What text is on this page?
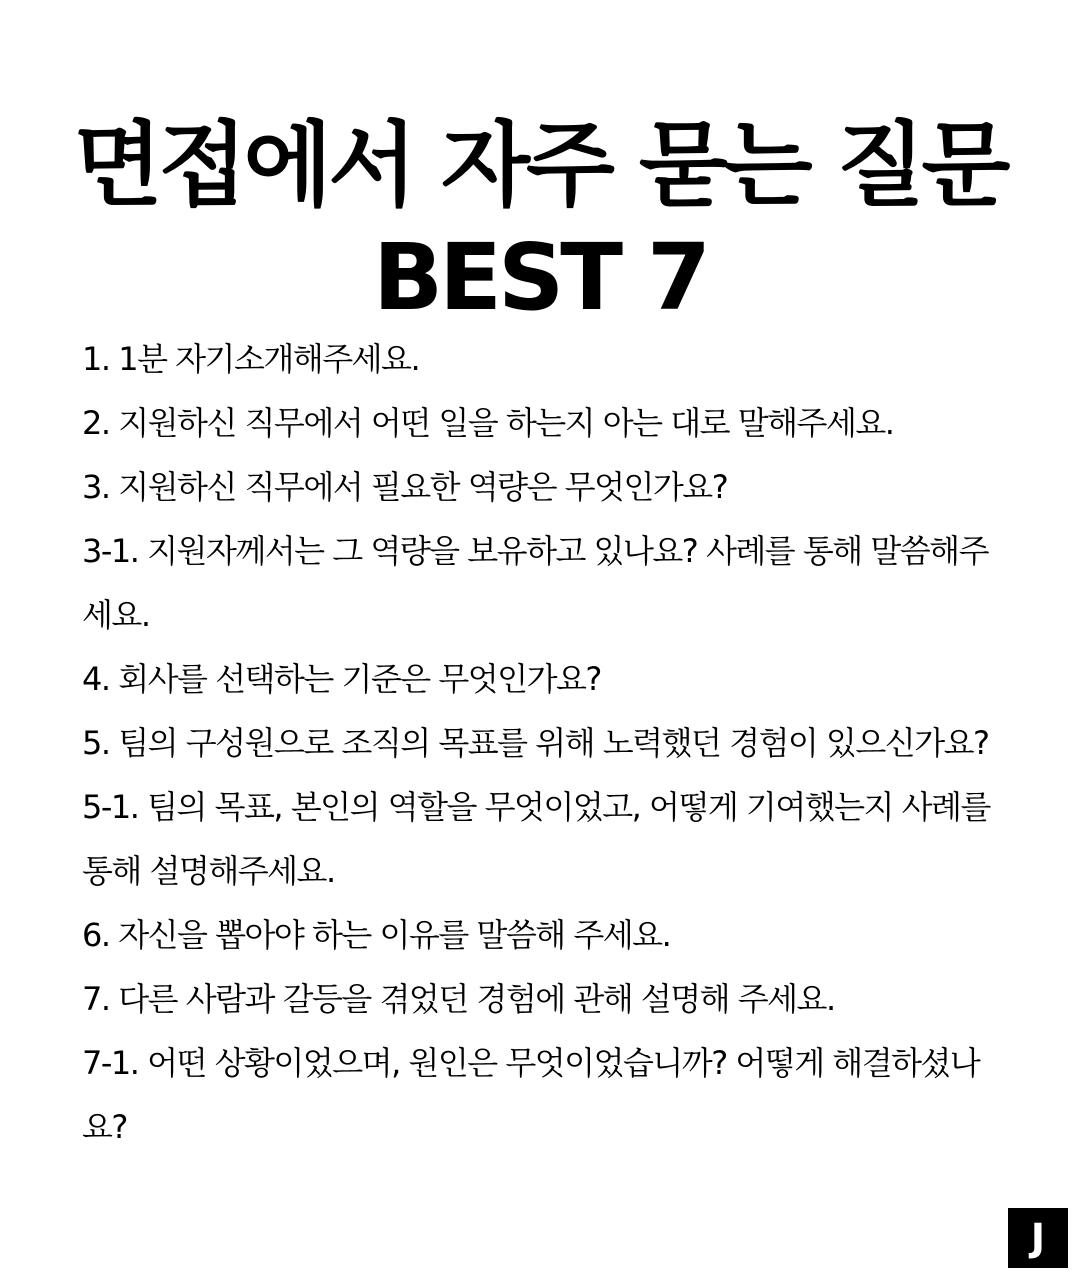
면접에서 자주 묻는 질문
BEST 7
1. 1분 자기소개해주세요.
2. 지원하신 직무에서 어떤 일을 하는지 아는 대로 말해주세요.
3. 지원하신 직무에서 필요한 역량은 무엇인가요?
3-1. 지원자께서는 그 역량을 보유하고 있나요? 사례를 통해 말씀해주세요.
4. 회사를 선택하는 기준은 무엇인가요?
5. 팀의 구성원으로 조직의 목표를 위해 노력했던 경험이 있으신가요?
5-1. 팀의 목표, 본인의 역할을 무엇이었고, 어떻게 기여했는지 사례를 통해 설명해주세요.
6. 자신을 뽑아야 하는 이유를 말씀해 주세요.
7. 다른 사람과 갈등을 겪었던 경험에 관해 설명해 주세요.
7-1. 어떤 상황이었으며, 원인은 무엇이었습니까? 어떻게 해결하셨나요?
J
